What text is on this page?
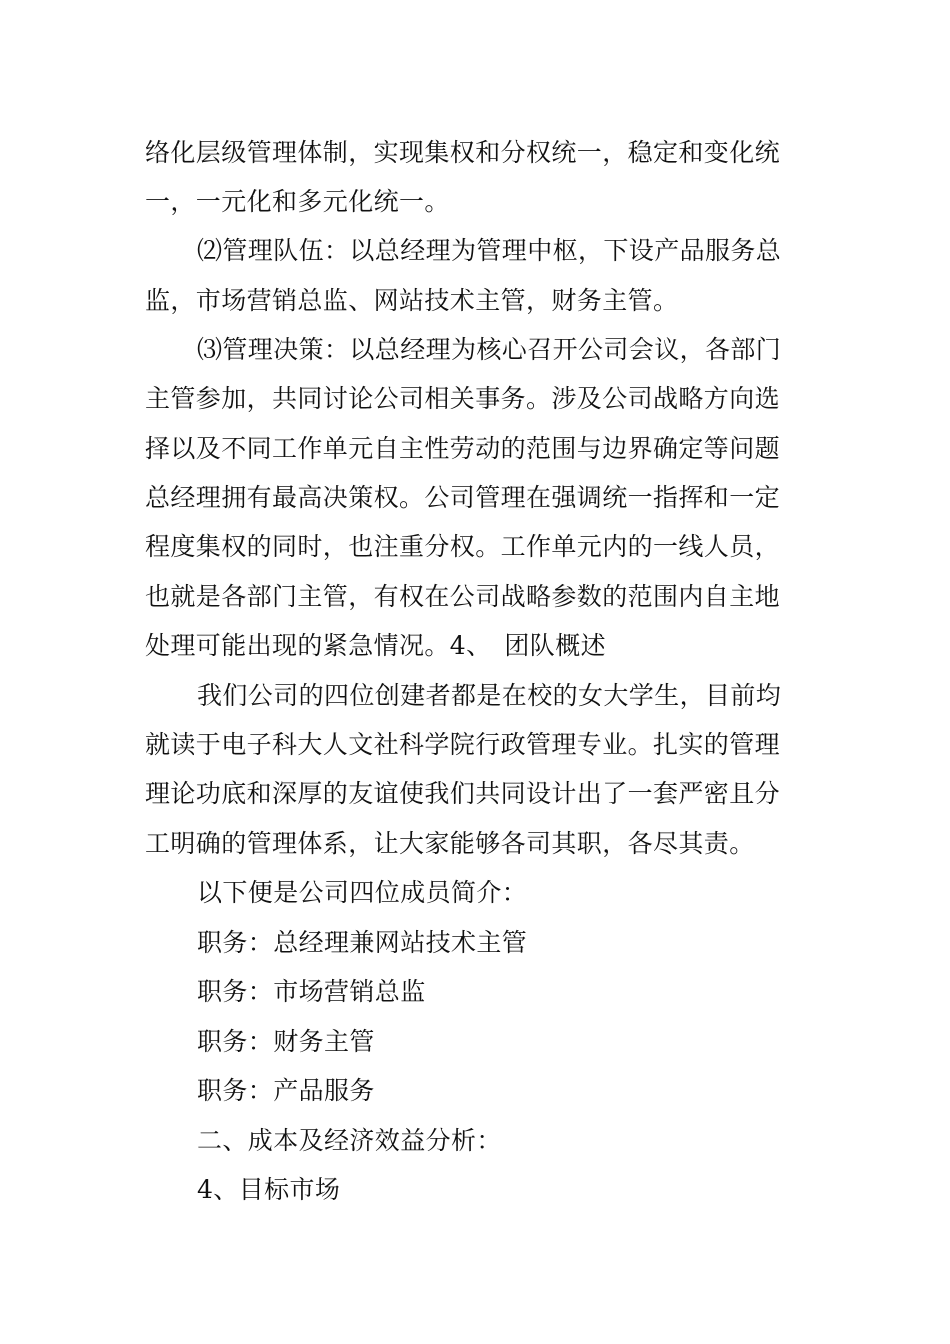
络化层级管理体制，实现集权和分权统一，稳定和变化统
一，一元化和多元化统一。
⑵管理队伍：以总经理为管理中枢，下设产品服务总
监，市场营销总监、网站技术主管，财务主管。
⑶管理决策：以总经理为核心召开公司会议，各部门
主管参加，共同讨论公司相关事务。涉及公司战略方向选
择以及不同工作单元自主性劳动的范围与边界确定等问题
总经理拥有最高决策权。公司管理在强调统一指挥和一定
程度集权的同时，也注重分权。工作单元内的一线人员，
也就是各部门主管，有权在公司战略参数的范围内自主地
处理可能出现的紧急情况。4、　团队概述
我们公司的四位创建者都是在校的女大学生，目前均
就读于电子科大人文社科学院行政管理专业。扎实的管理
理论功底和深厚的友谊使我们共同设计出了一套严密且分
工明确的管理体系，让大家能够各司其职，各尽其责。
以下便是公司四位成员简介：
职务：总经理兼网站技术主管
职务：市场营销总监
职务：财务主管
职务：产品服务
二、成本及经济效益分析：
4、目标市场
